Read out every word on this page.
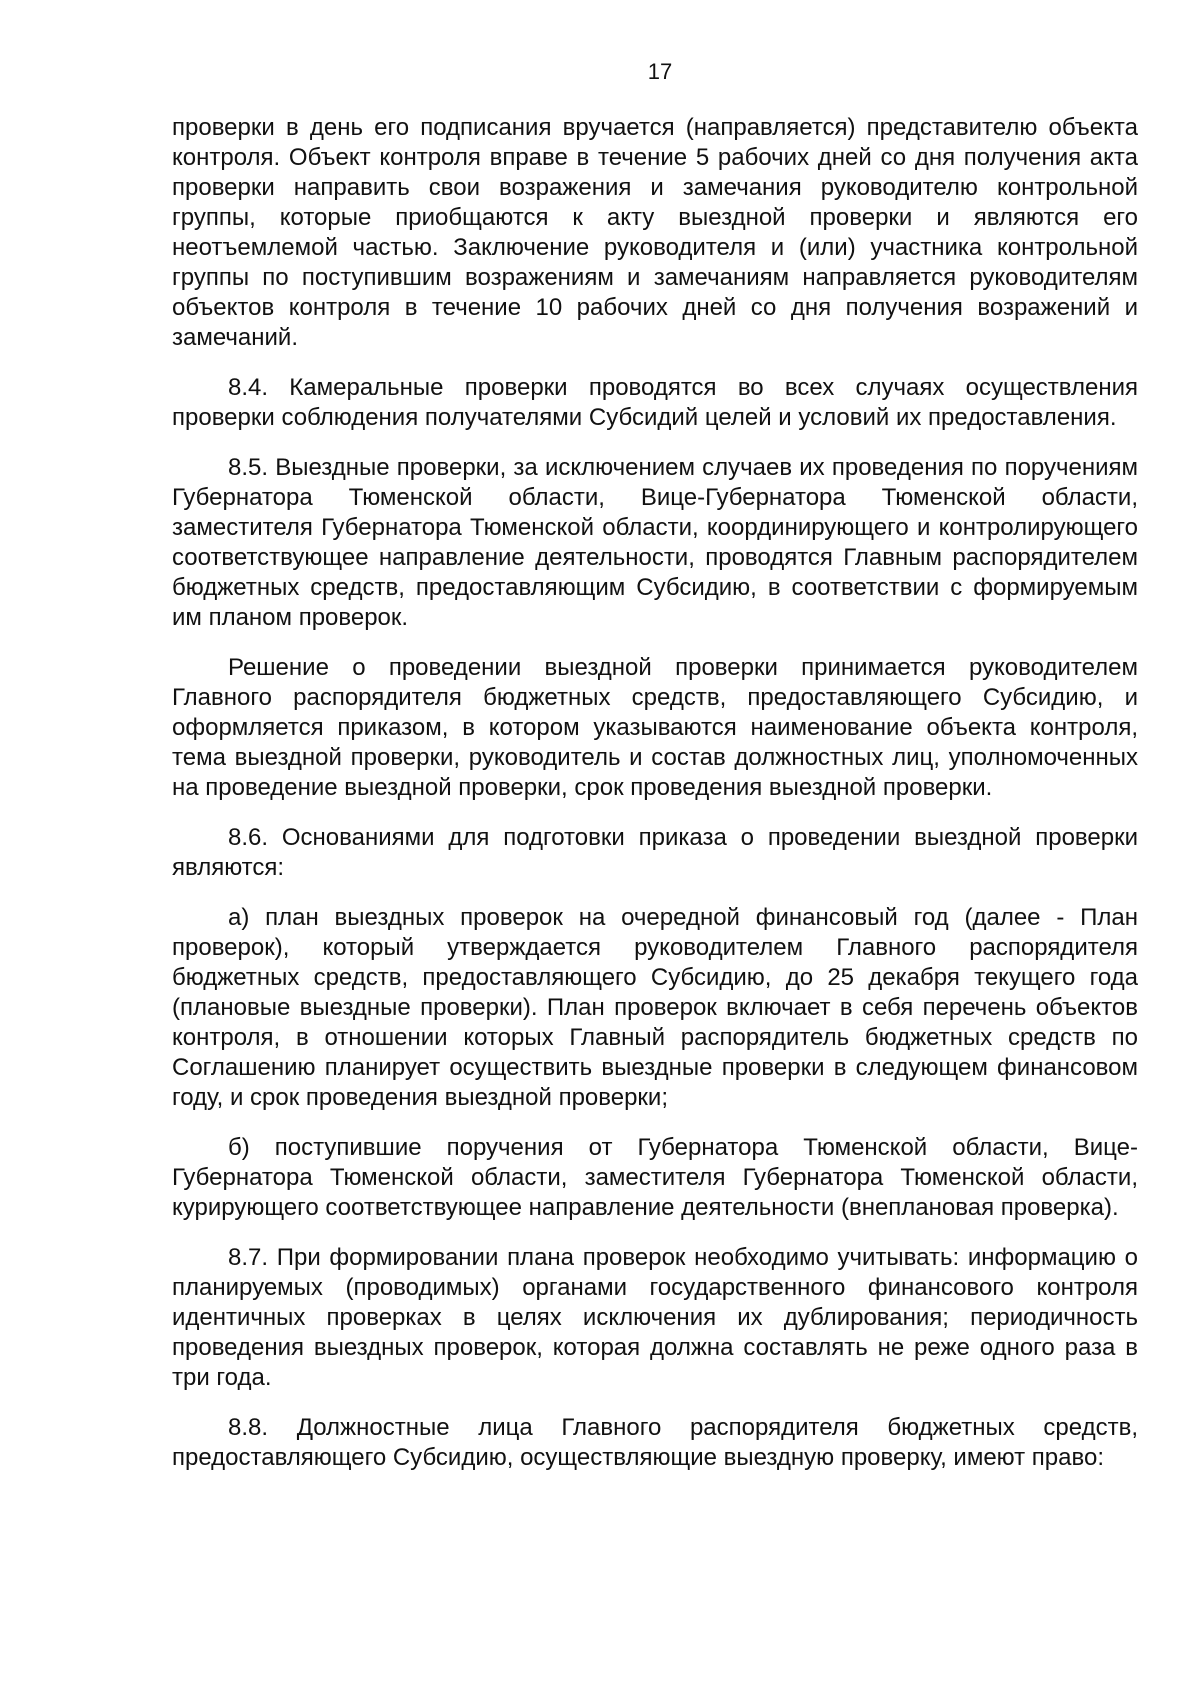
17

проверки в день его подписания вручается (направляется) представителю объекта контроля. Объект контроля вправе в течение 5 рабочих дней со дня получения акта проверки направить свои возражения и замечания руководителю контрольной группы, которые приобщаются к акту выездной проверки и являются его неотъемлемой частью. Заключение руководителя и (или) участника контрольной группы по поступившим возражениям и замечаниям направляется руководителям объектов контроля в течение 10 рабочих дней со дня получения возражений и замечаний.

8.4. Камеральные проверки проводятся во всех случаях осуществления проверки соблюдения получателями Субсидий целей и условий их предоставления.

8.5. Выездные проверки, за исключением случаев их проведения по поручениям Губернатора Тюменской области, Вице-Губернатора Тюменской области, заместителя Губернатора Тюменской области, координирующего и контролирующего соответствующее направление деятельности, проводятся Главным распорядителем бюджетных средств, предоставляющим Субсидию, в соответствии с формируемым им планом проверок.

Решение о проведении выездной проверки принимается руководителем Главного распорядителя бюджетных средств, предоставляющего Субсидию, и оформляется приказом, в котором указываются наименование объекта контроля, тема выездной проверки, руководитель и состав должностных лиц, уполномоченных на проведение выездной проверки, срок проведения выездной проверки.

8.6. Основаниями для подготовки приказа о проведении выездной проверки являются:

а) план выездных проверок на очередной финансовый год (далее - План проверок), который утверждается руководителем Главного распорядителя бюджетных средств, предоставляющего Субсидию, до 25 декабря текущего года (плановые выездные проверки). План проверок включает в себя перечень объектов контроля, в отношении которых Главный распорядитель бюджетных средств по Соглашению планирует осуществить выездные проверки в следующем финансовом году, и срок проведения выездной проверки;

б) поступившие поручения от Губернатора Тюменской области, Вице-Губернатора Тюменской области, заместителя Губернатора Тюменской области, курирующего соответствующее направление деятельности (внеплановая проверка).

8.7. При формировании плана проверок необходимо учитывать: информацию о планируемых (проводимых) органами государственного финансового контроля идентичных проверках в целях исключения их дублирования; периодичность проведения выездных проверок, которая должна составлять не реже одного раза в три года.

8.8. Должностные лица Главного распорядителя бюджетных средств, предоставляющего Субсидию, осуществляющие выездную проверку, имеют право:
